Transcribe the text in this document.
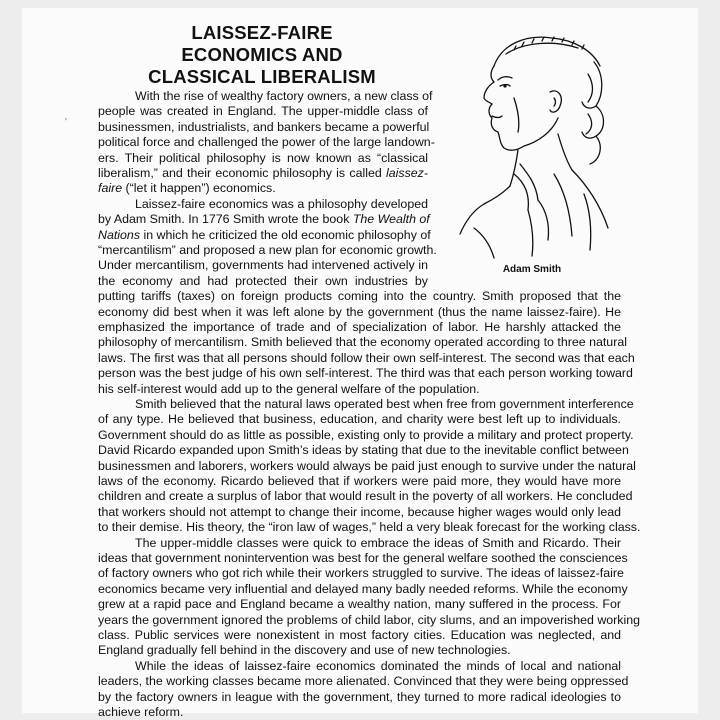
LAISSEZ-FAIRE
ECONOMICS AND
CLASSICAL LIBERALISM
Adam Smith
'
With the rise of wealthy factory owners, a new class of
people was created in England. The upper-middle class of
businessmen, industrialists, and bankers became a powerful
political force and challenged the power of the large landown-
ers. Their political philosophy is now known as “classical
liberalism,” and their economic philosophy is called laissez-
faire (“let it happen”) economics.
Laissez-faire economics was a philosophy developed
by Adam Smith. In 1776 Smith wrote the book The Wealth of
Nations in which he criticized the old economic philosophy of
“mercantilism” and proposed a new plan for economic growth.
Under mercantilism, governments had intervened actively in
the economy and had protected their own industries by
putting tariffs (taxes) on foreign products coming into the country. Smith proposed that the
economy did best when it was left alone by the government (thus the name laissez-faire). He
emphasized the importance of trade and of specialization of labor. He harshly attacked the
philosophy of mercantilism. Smith believed that the economy operated according to three natural
laws. The first was that all persons should follow their own self-interest. The second was that each
person was the best judge of his own self-interest. The third was that each person working toward
his self-interest would add up to the general welfare of the population.
Smith believed that the natural laws operated best when free from government interference
of any type. He believed that business, education, and charity were best left up to individuals.
Government should do as little as possible, existing only to provide a military and protect property.
David Ricardo expanded upon Smith’s ideas by stating that due to the inevitable conflict between
businessmen and laborers, workers would always be paid just enough to survive under the natural
laws of the economy. Ricardo believed that if workers were paid more, they would have more
children and create a surplus of labor that would result in the poverty of all workers. He concluded
that workers should not attempt to change their income, because higher wages would only lead
to their demise. His theory, the “iron law of wages,” held a very bleak forecast for the working class.
The upper-middle classes were quick to embrace the ideas of Smith and Ricardo. Their
ideas that government nonintervention was best for the general welfare soothed the consciences
of factory owners who got rich while their workers struggled to survive. The ideas of laissez-faire
economics became very influential and delayed many badly needed reforms. While the economy
grew at a rapid pace and England became a wealthy nation, many suffered in the process. For
years the government ignored the problems of child labor, city slums, and an impoverished working
class. Public services were nonexistent in most factory cities. Education was neglected, and
England gradually fell behind in the discovery and use of new technologies.
While the ideas of laissez-faire economics dominated the minds of local and national
leaders, the working classes became more alienated. Convinced that they were being oppressed
by the factory owners in league with the government, they turned to more radical ideologies to
achieve reform.
